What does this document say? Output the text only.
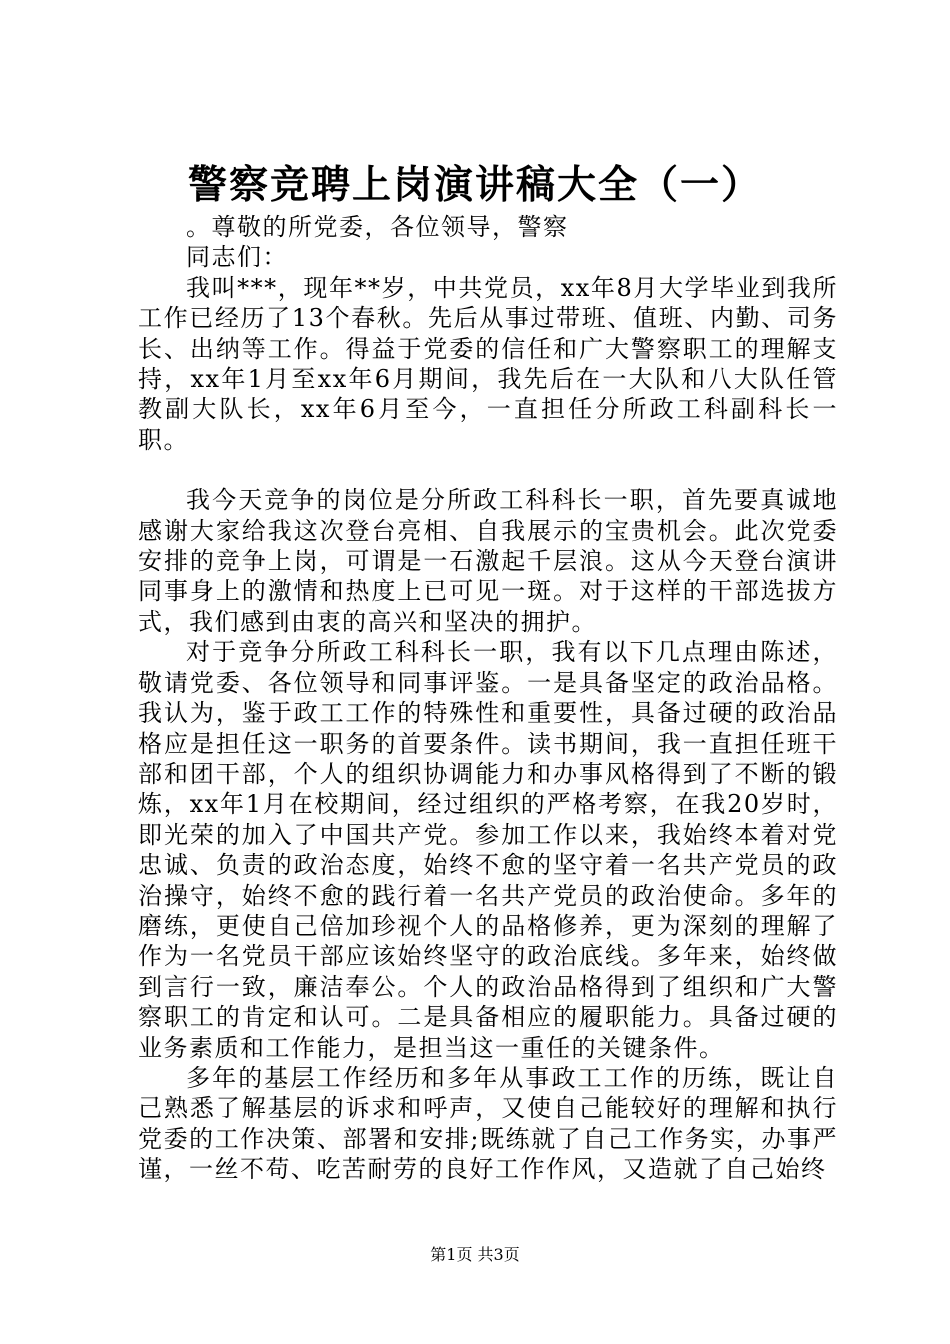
警察竞聘上岗演讲稿大全（一）

。尊敬的所党委，各位领导，警察

同志们：

我叫***，现年**岁，中共党员，xx年8月大学毕业到我所工作已经历了13个春秋。先后从事过带班、值班、内勤、司务长、出纳等工作。得益于党委的信任和广大警察职工的理解支持，xx年1月至xx年6月期间，我先后在一大队和八大队任管教副大队长，xx年6月至今，一直担任分所政工科副科长一职。

我今天竞争的岗位是分所政工科科长一职，首先要真诚地感谢大家给我这次登台亮相、自我展示的宝贵机会。此次党委安排的竞争上岗，可谓是一石激起千层浪。这从今天登台演讲同事身上的激情和热度上已可见一斑。对于这样的干部选拔方式，我们感到由衷的高兴和坚决的拥护。

对于竞争分所政工科科长一职，我有以下几点理由陈述，敬请党委、各位领导和同事评鉴。一是具备坚定的政治品格。我认为，鉴于政工工作的特殊性和重要性，具备过硬的政治品格应是担任这一职务的首要条件。读书期间，我一直担任班干部和团干部，个人的组织协调能力和办事风格得到了不断的锻炼，xx年1月在校期间，经过组织的严格考察，在我20岁时，即光荣的加入了中国共产党。参加工作以来，我始终本着对党忠诚、负责的政治态度，始终不愈的坚守着一名共产党员的政治操守，始终不愈的践行着一名共产党员的政治使命。多年的磨练，更使自己倍加珍视个人的品格修养，更为深刻的理解了作为一名党员干部应该始终坚守的政治底线。多年来，始终做到言行一致，廉洁奉公。个人的政治品格得到了组织和广大警察职工的肯定和认可。二是具备相应的履职能力。具备过硬的业务素质和工作能力，是担当这一重任的关键条件。

多年的基层工作经历和多年从事政工工作的历练，既让自己熟悉了解基层的诉求和呼声，又使自己能较好的理解和执行党委的工作决策、部署和安排;既练就了自己工作务实，办事严谨，一丝不苟、吃苦耐劳的良好工作作风，又造就了自己始终

第1页 共3页
